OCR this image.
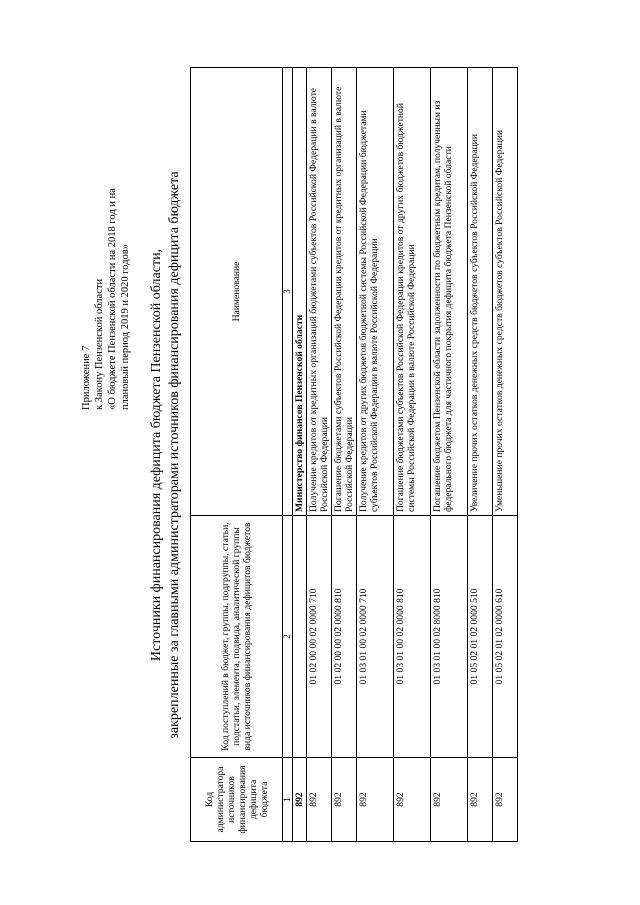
Приложение 7 к Закону Пензенской области «О бюджете Пензенской области на 2018 год и на плановый период 2019 и 2020 годов» Источники финансирования дефицита бюджета Пензенской области, закрепленные за главными администраторами источников финансирования дефицита бюджета
Код администратора источников финансирования дефицита бюджета	Код поступлений в бюджет, группы, подгруппы, статьи, подстатьи, элемента, подвида, аналитической группы вида источников финансирования дефицитов бюджетов	Наименование
1	2	3
892		Министерство финансов Пензенской области
892	01 02 00 00 02 0000 710	Получение кредитов от кредитных организаций бюджетами субъектов Российской Федерации в валюте Российской Федерации
892	01 02 00 00 02 0000 810	Погашение бюджетами субъектов Российской Федерации кредитов от кредитных организаций в валюте Российской Федерации
892	01 03 01 00 02 0000 710	Получение кредитов от других бюджетов бюджетной системы Российской Федерации бюджетами субъектов Российской Федерации в валюте Российской Федерации
892	01 03 01 00 02 0000 810	Погашение бюджетами субъектов Российской Федерации кредитов от других бюджетов бюджетной системы Российской Федерации в валюте Российской Федерации
892	01 03 01 00 02 8000 810	Погашение бюджетом Пензенской области задолженности по бюджетным кредитам, полученным из федерального бюджета для частичного покрытия дефицита бюджета Пензенской области
892	01 05 02 01 02 0000 510	Увеличение прочих остатков денежных средств бюджетов субъектов Российской Федерации
892	01 05 02 01 02 0000 610	Уменьшение прочих остатков денежных средств бюджетов субъектов Российской Федерации
